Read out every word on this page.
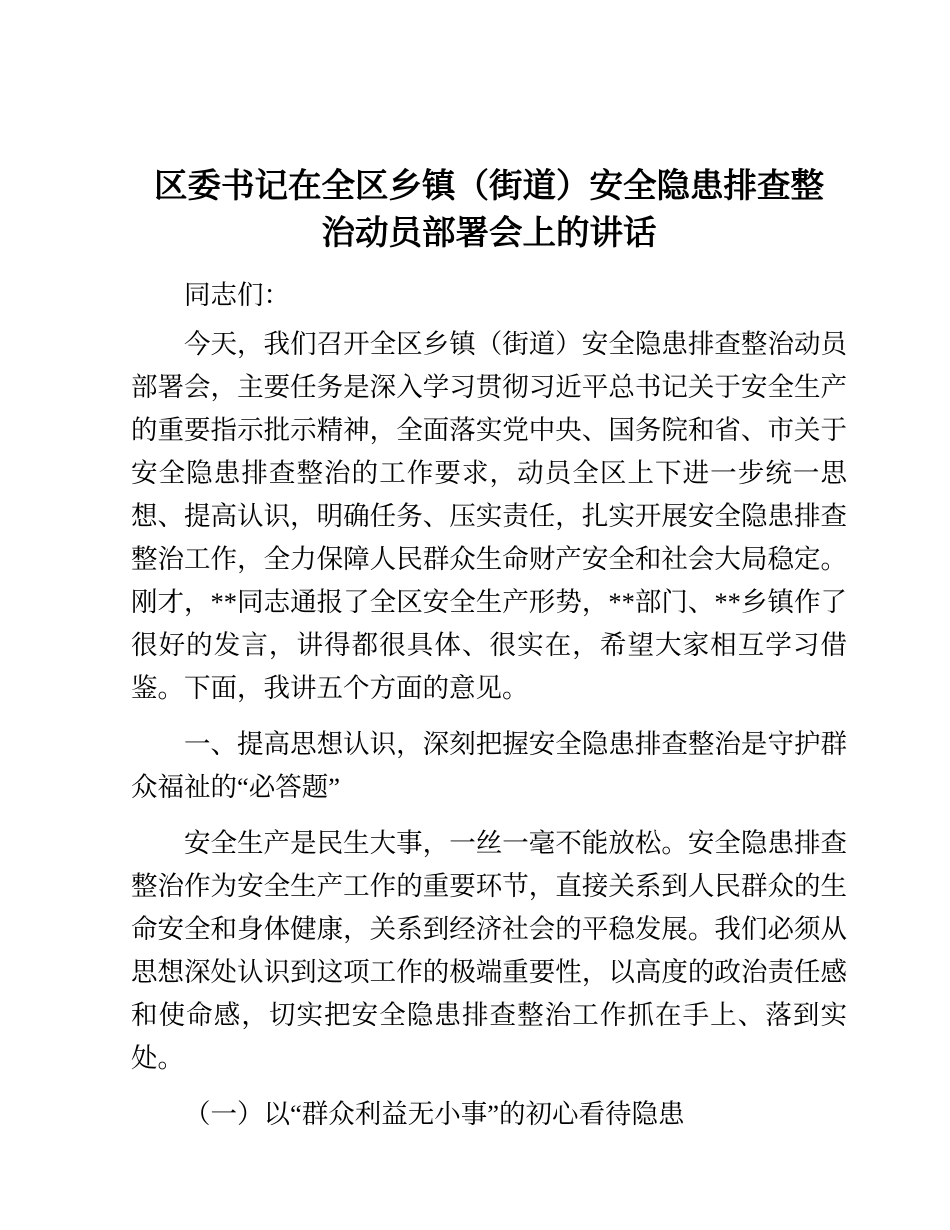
区委书记在全区乡镇（街道）安全隐患排查整
治动员部署会上的讲话

同志们：

今天，我们召开全区乡镇（街道）安全隐患排查整治动员部署会，主要任务是深入学习贯彻习近平总书记关于安全生产的重要指示批示精神，全面落实党中央、国务院和省、市关于安全隐患排查整治的工作要求，动员全区上下进一步统一思想、提高认识，明确任务、压实责任，扎实开展安全隐患排查整治工作，全力保障人民群众生命财产安全和社会大局稳定。刚才，**同志通报了全区安全生产形势，**部门、**乡镇作了很好的发言，讲得都很具体、很实在，希望大家相互学习借鉴。下面，我讲五个方面的意见。

一、提高思想认识，深刻把握安全隐患排查整治是守护群众福祉的“必答题”

安全生产是民生大事，一丝一毫不能放松。安全隐患排查整治作为安全生产工作的重要环节，直接关系到人民群众的生命安全和身体健康，关系到经济社会的平稳发展。我们必须从思想深处认识到这项工作的极端重要性，以高度的政治责任感和使命感，切实把安全隐患排查整治工作抓在手上、落到实处。

（一）以“群众利益无小事”的初心看待隐患
